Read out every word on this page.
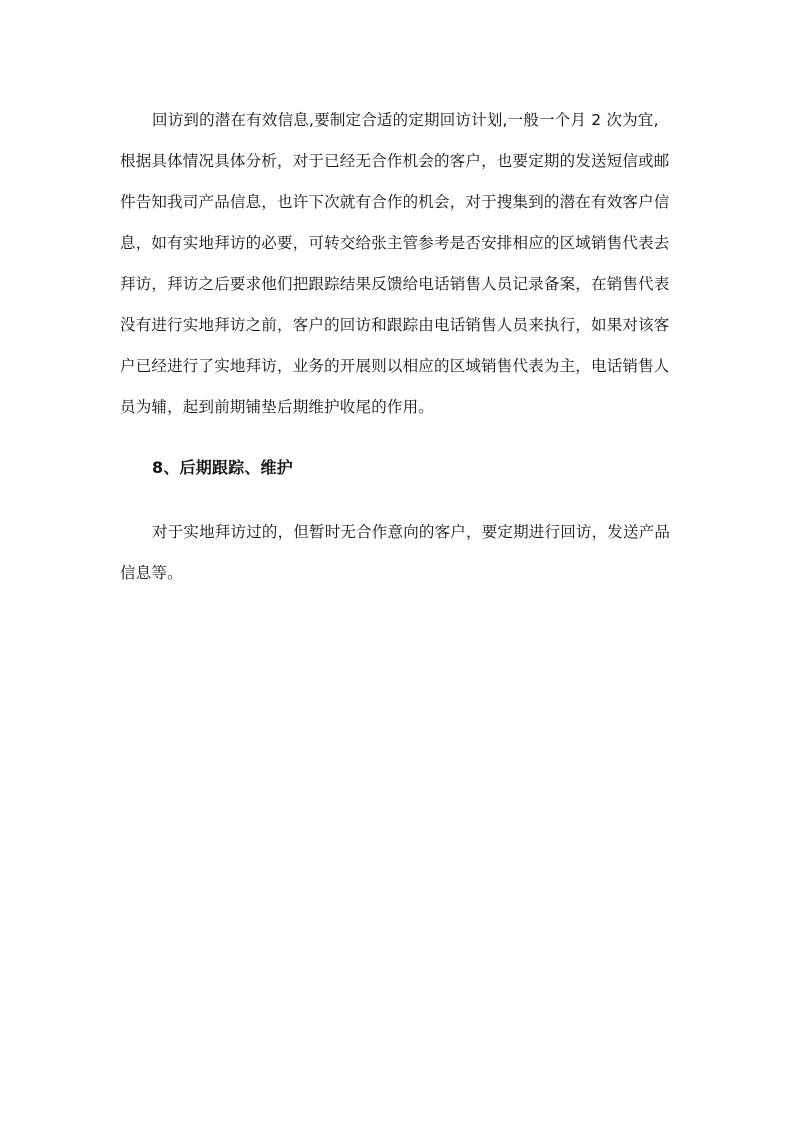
回访到的潜在有效信息,要制定合适的定期回访计划,一般一个月 2 次为宜,
根据具体情况具体分析，对于已经无合作机会的客户，也要定期的发送短信或邮
件告知我司产品信息，也许下次就有合作的机会，对于搜集到的潜在有效客户信
息，如有实地拜访的必要，可转交给张主管参考是否安排相应的区域销售代表去
拜访，拜访之后要求他们把跟踪结果反馈给电话销售人员记录备案，在销售代表
没有进行实地拜访之前，客户的回访和跟踪由电话销售人员来执行，如果对该客
户已经进行了实地拜访，业务的开展则以相应的区域销售代表为主，电话销售人
员为辅，起到前期铺垫后期维护收尾的作用。
8、后期跟踪、维护
对于实地拜访过的，但暂时无合作意向的客户，要定期进行回访，发送产品
信息等。
